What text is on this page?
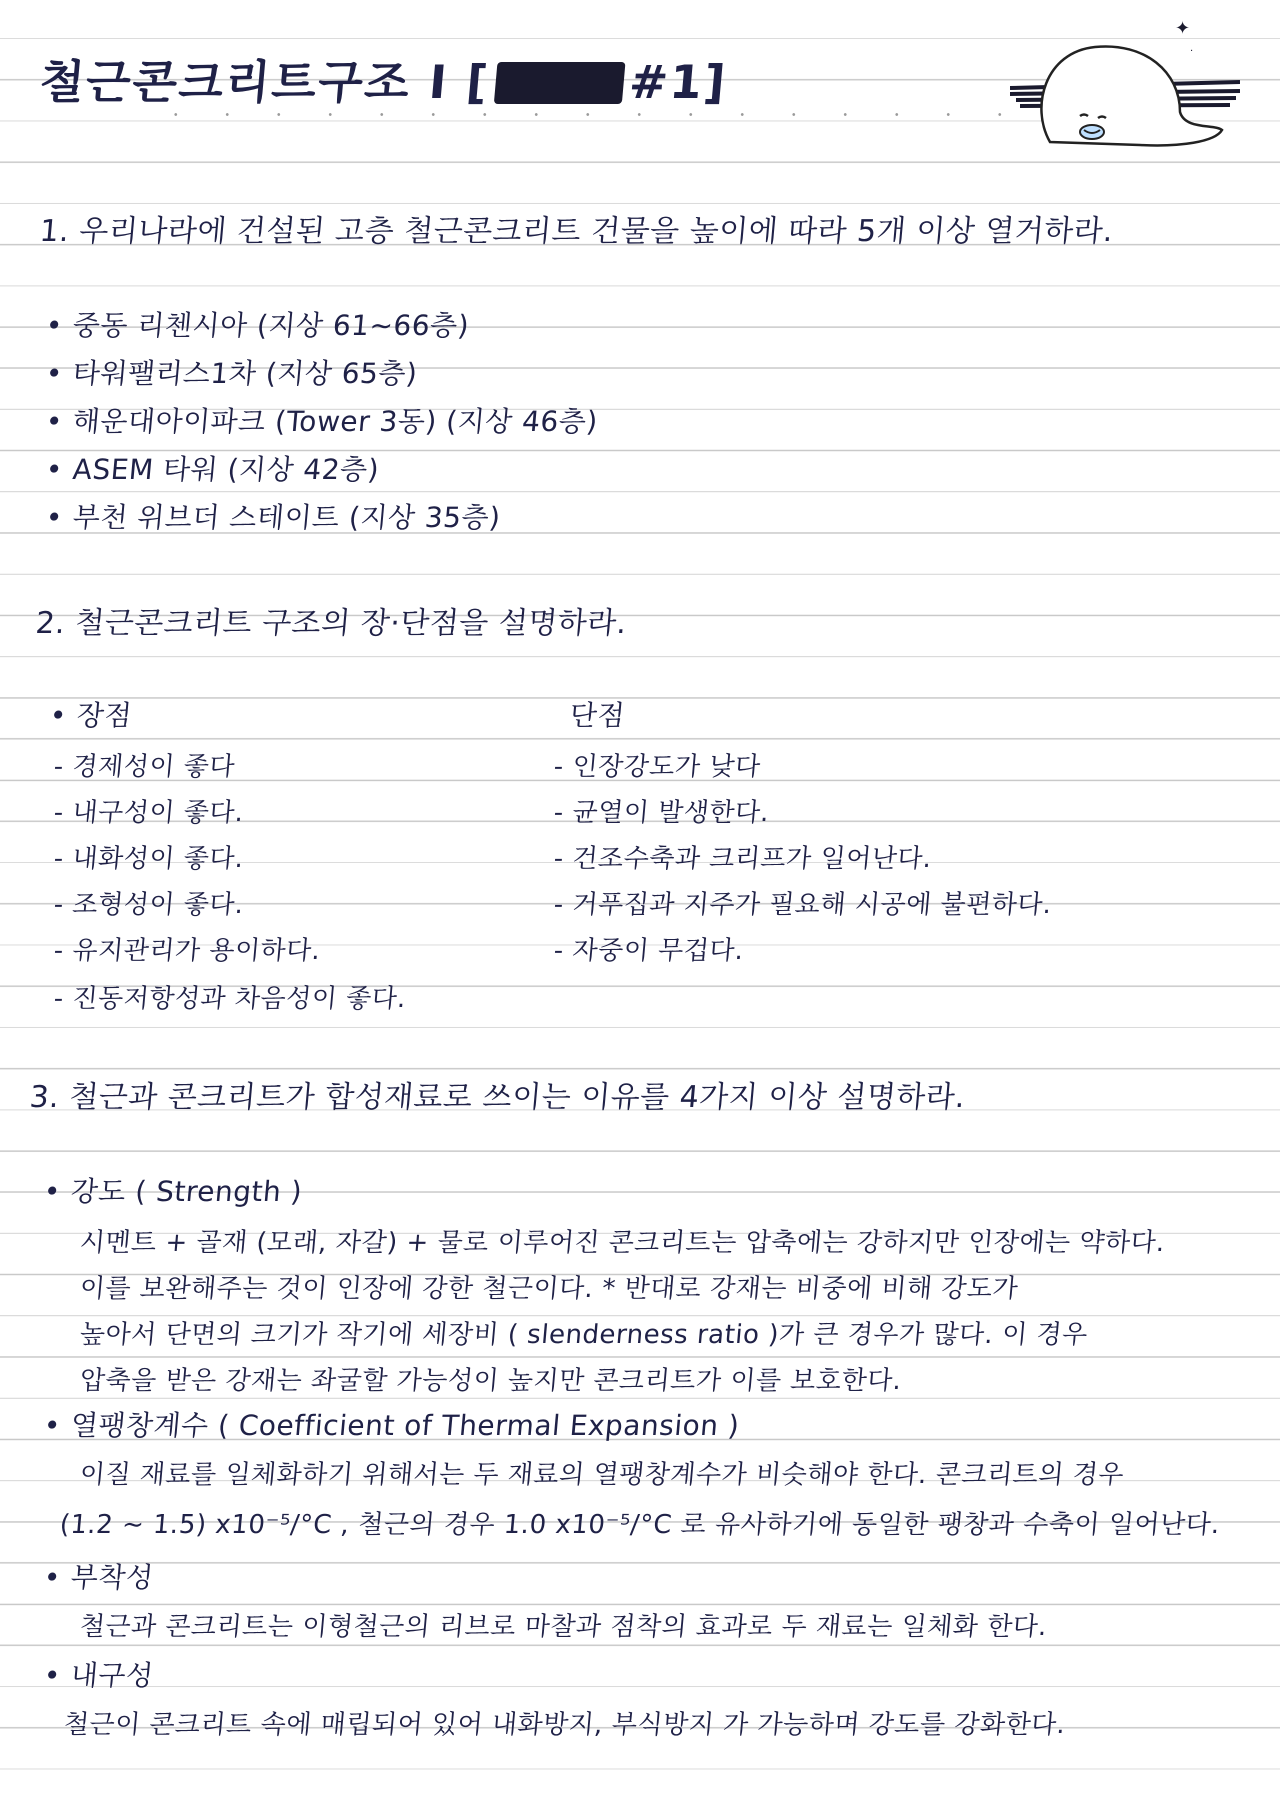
철근콘크리트구조 I [	#1]
✦
·
1. 우리나라에 건설된 고층 철근콘크리트 건물을 높이에 따라 5개 이상 열거하라.
• 중동 리첸시아 (지상 61~66층)
• 타워팰리스1차 (지상 65층)
• 해운대아이파크 (Tower 3동) (지상 46층)
• ASEM 타워 (지상 42층)
• 부천 위브더 스테이트 (지상 35층)
2. 철근콘크리트 구조의 장·단점을 설명하라.
• 장점	단점
- 경제성이 좋다
- 내구성이 좋다.
- 내화성이 좋다.
- 조형성이 좋다.
- 유지관리가 용이하다.
- 진동저항성과 차음성이 좋다.
- 인장강도가 낮다
- 균열이 발생한다.
- 건조수축과 크리프가 일어난다.
- 거푸집과 지주가 필요해 시공에 불편하다.
- 자중이 무겁다.
3. 철근과 콘크리트가 합성재료로 쓰이는 이유를 4가지 이상 설명하라.
• 강도 ( Strength )
시멘트 + 골재 (모래, 자갈) + 물로 이루어진 콘크리트는 압축에는 강하지만 인장에는 약하다.
이를 보완해주는 것이 인장에 강한 철근이다. * 반대로 강재는 비중에 비해 강도가
높아서 단면의 크기가 작기에 세장비 ( slenderness ratio )가 큰 경우가 많다. 이 경우
압축을 받은 강재는 좌굴할 가능성이 높지만 콘크리트가 이를 보호한다.
• 열팽창계수 ( Coefficient of Thermal Expansion )
이질 재료를 일체화하기 위해서는 두 재료의 열팽창계수가 비슷해야 한다. 콘크리트의 경우
(1.2 ~ 1.5) x10⁻⁵/°C , 철근의 경우 1.0 x10⁻⁵/°C 로 유사하기에 동일한 팽창과 수축이 일어난다.
• 부착성
철근과 콘크리트는 이형철근의 리브로 마찰과 점착의 효과로 두 재료는 일체화 한다.
• 내구성
철근이 콘크리트 속에 매립되어 있어 내화방지, 부식방지 가 가능하며 강도를 강화한다.
